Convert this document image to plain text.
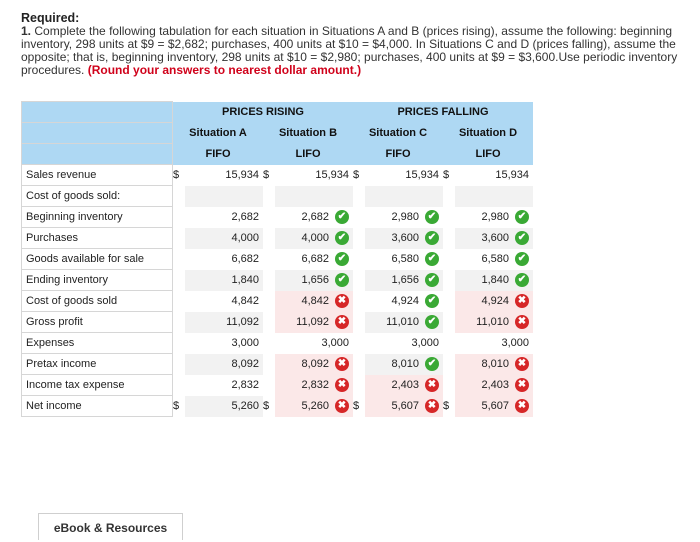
Required:
1. Complete the following tabulation for each situation in Situations A and B (prices rising), assume the following: beginning inventory, 298 units at $9 = $2,682; purchases, 400 units at $10 = $4,000. In Situations C and D (prices falling), assume the opposite; that is, beginning inventory, 298 units at $10 = $2,980; purchases, 400 units at $9 = $3,600.Use periodic inventory procedures. (Round your answers to nearest dollar amount.)
	PRICES RISING				PRICES FALLING			
	Situation A		Situation B		Situation C		Situation D	
	FIFO		LIFO		FIFO		LIFO	
Sales revenue	$	15,934	$	15,934	$	15,934	$	15,934

Cost of goods sold:								
Beginning inventory		2,682		2,682 ✔		2,980 ✔		2,980 ✔

Purchases		4,000		4,000 ✔		3,600 ✔		3,600 ✔

Goods available for sale		6,682		6,682 ✔		6,580 ✔		6,580 ✔

Ending inventory		1,840		1,656 ✔		1,656 ✔		1,840 ✔

Cost of goods sold		4,842		4,842 ✖		4,924 ✔		4,924 ✖

Gross profit		11,092		11,092 ✖		11,010 ✔		11,010 ✖

Expenses		3,000		3,000		3,000		3,000

Pretax income		8,092		8,092 ✖		8,010 ✔		8,010 ✖

Income tax expense		2,832		2,832 ✖		2,403 ✖		2,403 ✖

Net income	$	5,260	$	5,260 ✖	$	5,607 ✖	$	5,607 ✖
eBook & Resources
